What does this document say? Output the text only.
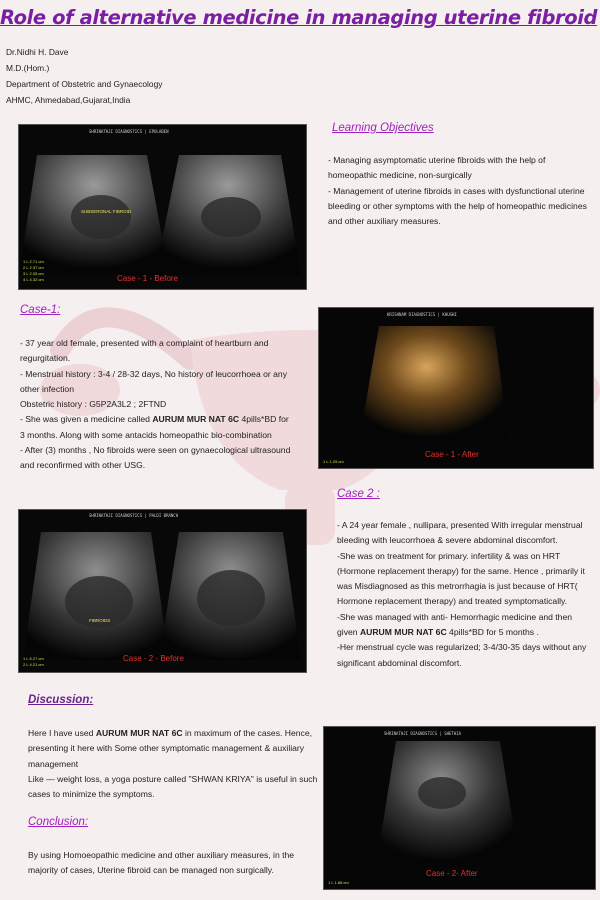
Role of alternative medicine in managing uterine fibroid
Dr.Nidhi H. Dave
M.D.(Hom.)
Department of Obstetric and Gynaecology
AHMC, Ahmedabad,Gujarat,India
SHRINATHJI DIAGNOSTICS | EPULABEN
SUBSERONAL FIBROID
1 L 2.71 cm
2 L 2.37 cm
3 L 2.05 cm
4 L 4.32 cm	Case - 1 - Before
Learning Objectives

- Managing asymptomatic uterine fibroids with the help of homeopathic medicine, non-surgically

- Management of uterine fibroids in cases with dysfunctional uterine bleeding or other symptoms with the help of homeopathic medicines and other auxiliary measures.

Case-1:

- 37 year old female, presented with a complaint of heartburn and regurgitation.

- Menstrual history : 3-4 / 28-32 days, No history of leucorrhoea or any other infection

Obstetric history : G5P2A3L2 ; 2FTND

- She was given a medicine called AURUM MUR NAT 6C 4pills*BD for 3 months. Along with some antacids homeopathic bio-combination

- After (3) months , No fibroids were seen on gynaecological ultrasound and reconfirmed with other USG.

KRISHNAM DIAGNOSTICS | KHUSHI
1 L 1.25 cm
Case - 1 - After
Case 2 :

- A 24 year female , nullipara, presented With irregular menstrual bleeding with leucorrhoea & severe abdominal discomfort.

-She was on treatment for primary. infertility & was on HRT (Hormone replacement therapy) for the same. Hence , primarily it was Misdiagnosed as this metrorrhagia is just because of HRT( Hormone replacement therapy) and treated symptomatically.

-She was managed with anti- Hemorrhagic medicine and then given AURUM MUR NAT 6C 4pills*BD for 5 months .

-Her menstrual cycle was regularized; 3-4/30-35 days without any significant abdominal discomfort.

SHRINATHJI DIAGNOSTICS | PALDI BRANCH
FIBROIDS
1 L 5.27 cm
2 L 4.21 cm
Case - 2 - Before
Discussion:

Here I have used AURUM MUR NAT 6C in maximum of the cases. Hence, presenting it here with Some other symptomatic management & auxiliary management

Like — weight loss, a yoga posture called "SHWAN KRIYA" is useful in such cases to minimize the symptoms.

Conclusion:
By using Homoeopathic medicine and other auxiliary measures, in the majority of cases, Uterine fibroid can be managed non surgically.
SHRINATHJI DIAGNOSTICS | SHETHIA
1 L 1.88 cm
Case - 2- After
